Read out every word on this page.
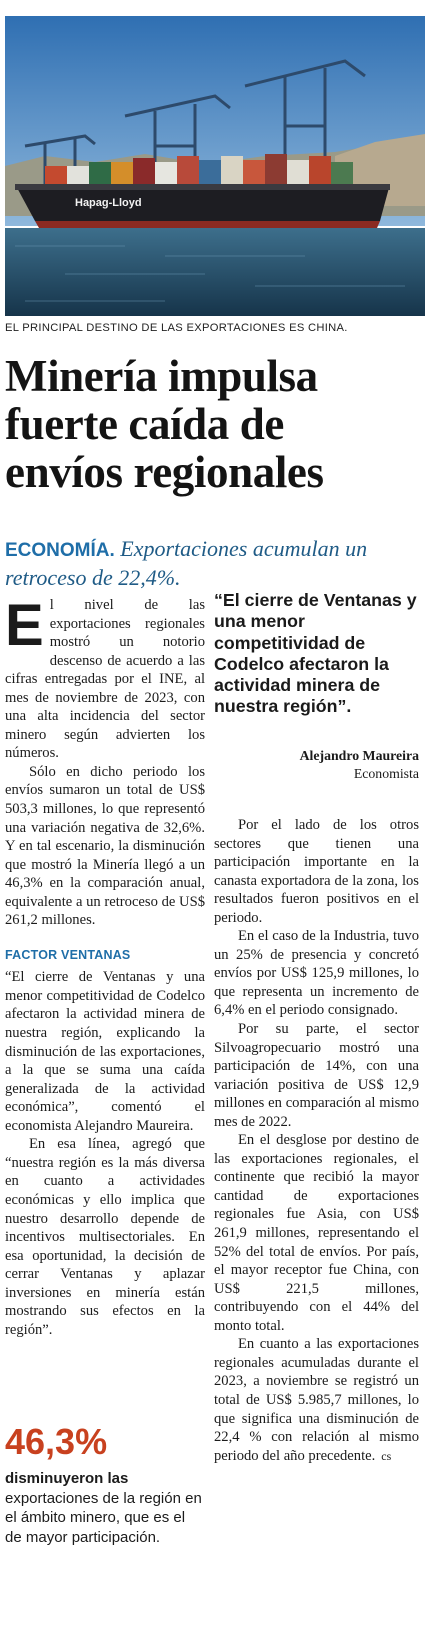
Hapag-Lloyd
EL PRINCIPAL DESTINO DE LAS EXPORTACIONES ES CHINA.
Minería impulsa
fuerte caída de
envíos regionales
ECONOMÍA. Exportaciones acumulan un retroceso de 22,4%.

El nivel de las exportaciones regionales mostró un notorio descenso de acuerdo a las cifras entregadas por el INE, al mes de noviembre de 2023, con una alta incidencia del sector minero según advierten los números.

Sólo en dicho periodo los envíos sumaron un total de US$ 503,3 millones, lo que representó una variación negativa de 32,6%. Y en tal escenario, la disminución que mostró la Minería llegó a un 46,3% en la comparación anual, equivalente a un retroceso de US$ 261,2 millones.

FACTOR VENTANAS

“El cierre de Ventanas y una menor competitividad de Codelco afectaron la actividad minera de nuestra región, explicando la disminución de las exportaciones, a la que se suma una caída generalizada de la actividad económica”, comentó el economista Alejandro Maureira.

En esa línea, agregó que “nuestra región es la más diversa en cuanto a actividades económicas y ello implica que nuestro desarrollo depende de incentivos multisectoriales. En esa oportunidad, la decisión de cerrar Ventanas y aplazar inversiones en minería están mostrando sus efectos en la región”.

“El cierre de Ventanas y una menor competitividad de Codelco afectaron la actividad minera de nuestra región”.
Alejandro Maureira
Economista

Por el lado de los otros sectores que tienen una participación importante en la canasta exportadora de la zona, los resultados fueron positivos en el periodo.

En el caso de la Industria, tuvo un 25% de presencia y concretó envíos por US$ 125,9 millones, lo que representa un incremento de 6,4% en el periodo consignado.

Por su parte, el sector Silvoagropecuario mostró una participación de 14%, con una variación positiva de US$ 12,9 millones en comparación al mismo mes de 2022.

En el desglose por destino de las exportaciones regionales, el continente que recibió la mayor cantidad de exportaciones regionales fue Asia, con US$ 261,9 millones, representando el 52% del total de envíos. Por país, el mayor receptor fue China, con US$ 221,5 millones, contribuyendo con el 44% del monto total.

En cuanto a las exportaciones regionales acumuladas durante el 2023, a noviembre se registró un total de US$ 5.985,7 millones, lo que significa una disminución de 22,4 % con relación al mismo periodo del año precedente. cs

46,3%
disminuyeron las exportaciones de la región en el ámbito minero, que es el de mayor participación.
